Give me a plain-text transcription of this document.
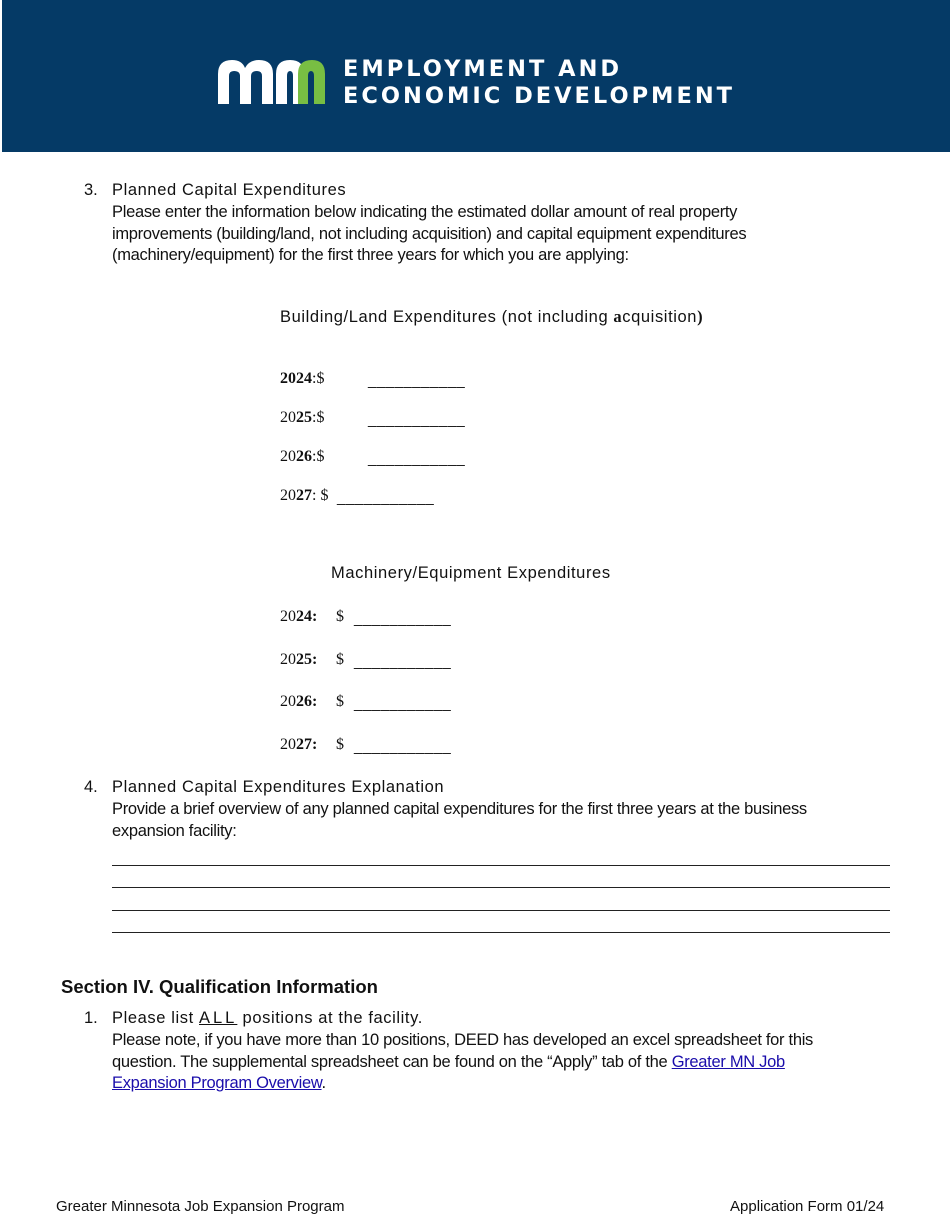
EMPLOYMENT AND
ECONOMIC DEVELOPMENT
3. Planned Capital Expenditures
Please enter the information below indicating the estimated dollar amount of real property
improvements (building/land, not including acquisition) and capital equipment expenditures
(machinery/equipment) for the first three years for which you are applying:
Building/Land Expenditures (not including acquisition)
2024:$	___________
2025:$	___________
2026:$	___________
2027: $ ___________
Machinery/Equipment Expenditures
2024: $ ___________
2025: $ ___________
2026: $ ___________
2027: $ ___________
4. Planned Capital Expenditures Explanation
Provide a brief overview of any planned capital expenditures for the first three years at the business
expansion facility:
Section IV. Qualification Information
1. Please list ALL positions at the facility.
Please note, if you have more than 10 positions, DEED has developed an excel spreadsheet for this
question. The supplemental spreadsheet can be found on the “Apply” tab of the Greater MN Job
Expansion Program Overview.
Greater Minnesota Job Expansion Program	Application Form 01/24
